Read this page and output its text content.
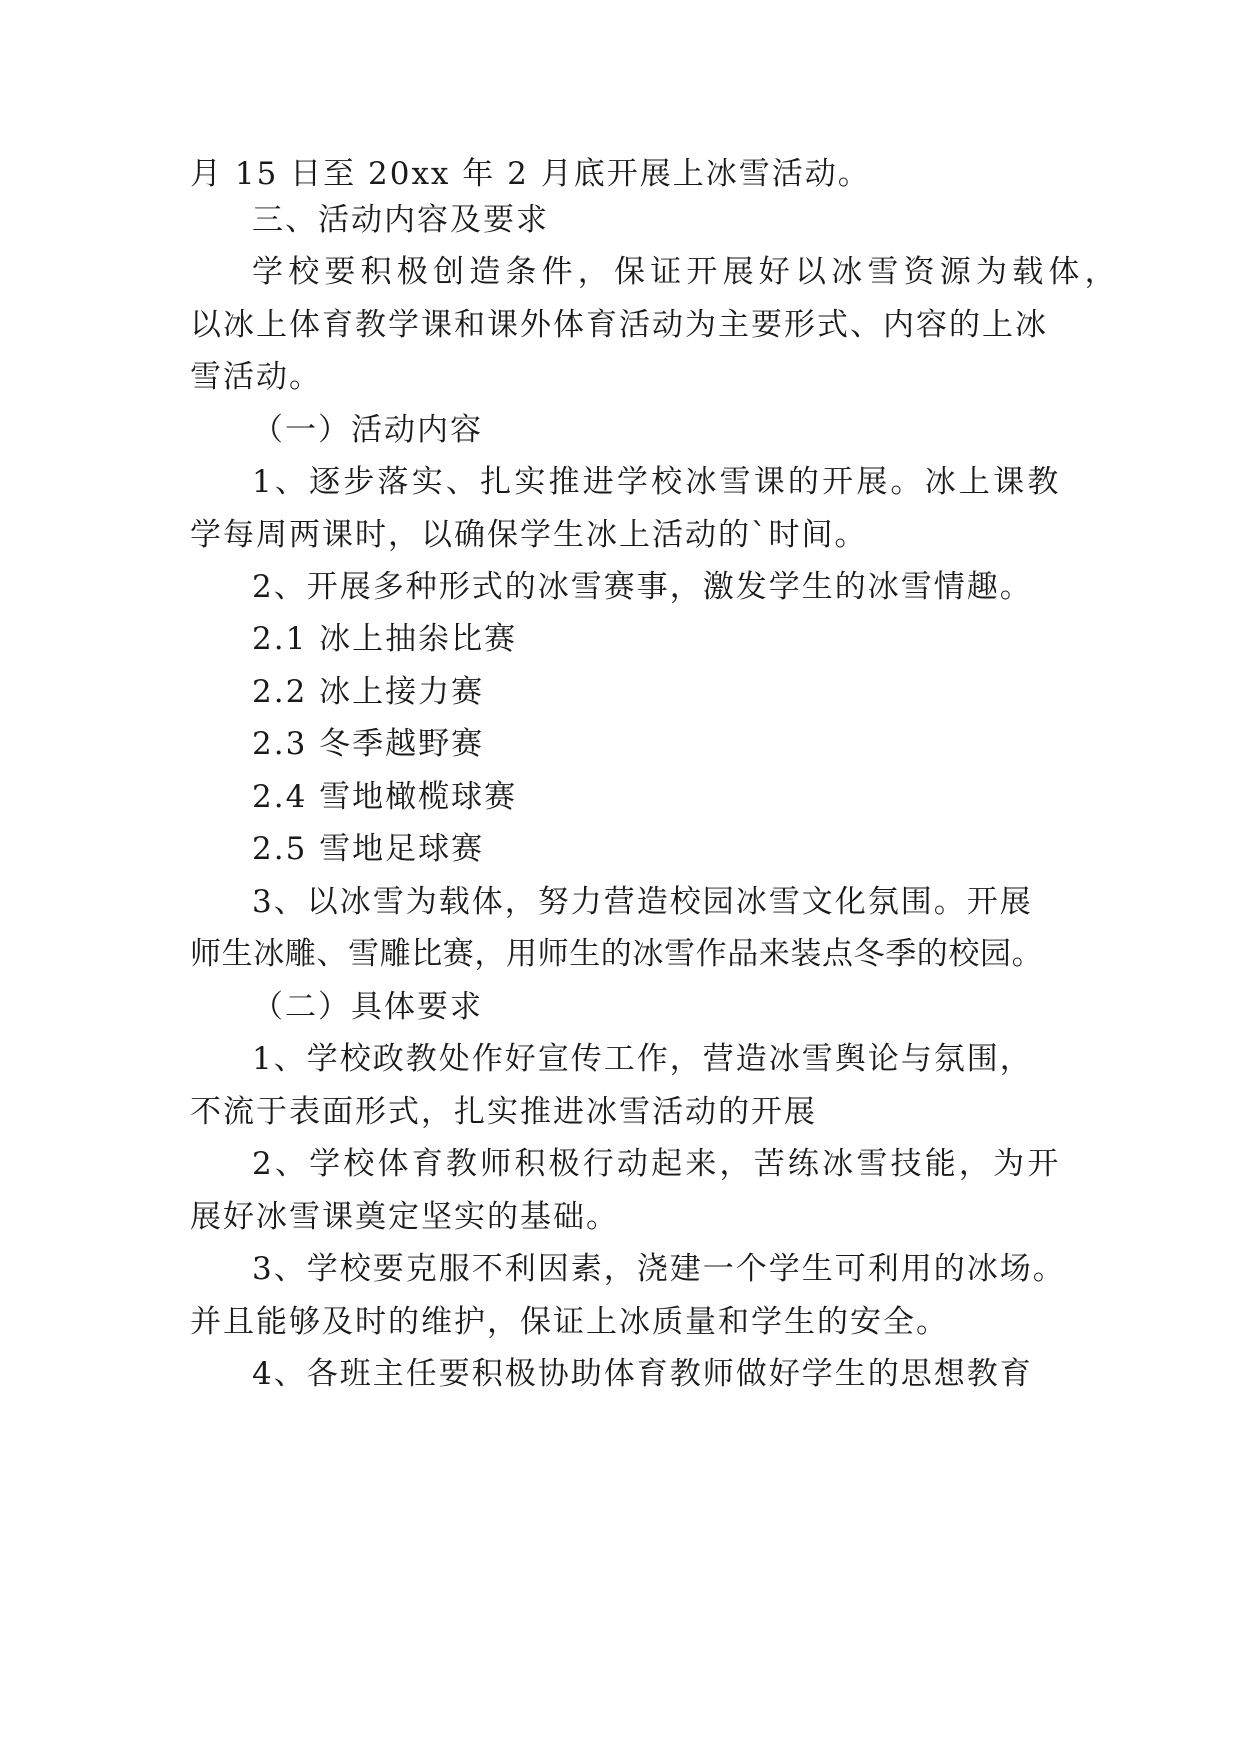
月 15 日至 20xx 年 2 月底开展上冰雪活动。
三、活动内容及要求
学校要积极创造条件，保证开展好以冰雪资源为载体，
以冰上体育教学课和课外体育活动为主要形式、内容的上冰
雪活动。
（一）活动内容
1、逐步落实、扎实推进学校冰雪课的开展。冰上课教
学每周两课时，以确保学生冰上活动的`时间。
2、开展多种形式的冰雪赛事，激发学生的冰雪情趣。
2.1 冰上抽尜比赛
2.2 冰上接力赛
2.3 冬季越野赛
2.4 雪地橄榄球赛
2.5 雪地足球赛
3、以冰雪为载体，努力营造校园冰雪文化氛围。开展
师生冰雕、雪雕比赛，用师生的冰雪作品来装点冬季的校园。
（二）具体要求
1、学校政教处作好宣传工作，营造冰雪舆论与氛围，
不流于表面形式，扎实推进冰雪活动的开展
2、学校体育教师积极行动起来，苦练冰雪技能，为开
展好冰雪课奠定坚实的基础。
3、学校要克服不利因素，浇建一个学生可利用的冰场。
并且能够及时的维护，保证上冰质量和学生的安全。
4、各班主任要积极协助体育教师做好学生的思想教育
